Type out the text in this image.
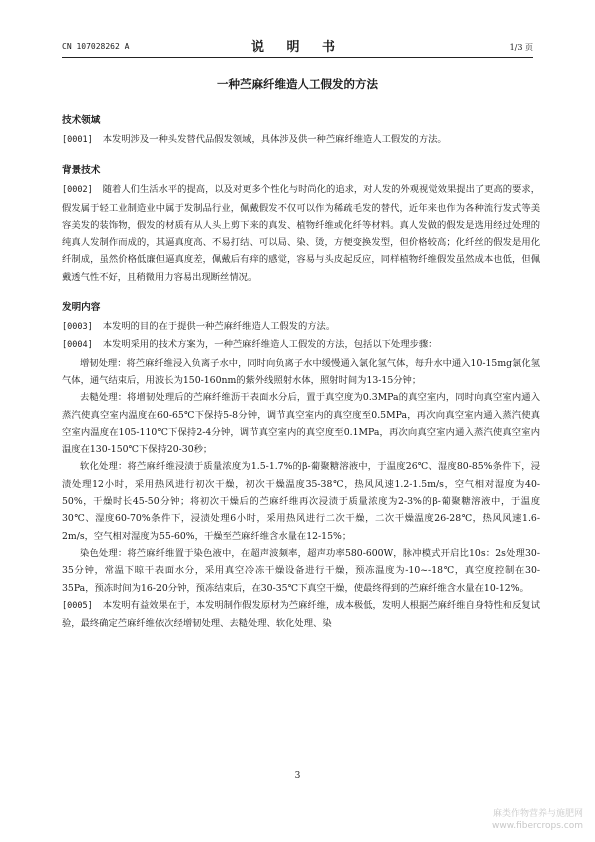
CN 107028262 A	说 明 书	1/3 页
一种苎麻纤维造人工假发的方法
技术领域

[0001] 本发明涉及一种头发替代品假发领域，具体涉及供一种苎麻纤维造人工假发的方法。

背景技术

[0002] 随着人们生活水平的提高，以及对更多个性化与时尚化的追求，对人发的外观视觉效果提出了更高的要求，假发属于轻工业制造业中属于发制品行业，佩戴假发不仅可以作为稀疏毛发的替代，近年来也作为各种流行发式等美容美发的装饰物，假发的材质有从人头上剪下来的真发、植物纤维或化纤等材料。真人发做的假发是选用经过处理的纯真人发制作而成的，其逼真度高、不易打结、可以局、染、烫，方便变换发型，但价格较高；化纤丝的假发是用化纤制成，虽然价格低廉但逼真度差，佩戴后有痒的感觉，容易与头皮起反应，同样植物纤维假发虽然成本也低，但佩戴透气性不好，且稍微用力容易出现断丝情况。

发明内容

[0003] 本发明的目的在于提供一种苎麻纤维造人工假发的方法。

[0004] 本发明采用的技术方案为，一种苎麻纤维造人工假发的方法，包括以下处理步骤：

增韧处理：将苎麻纤维浸入负离子水中，同时向负离子水中缓慢通入氯化氢气体，每升水中通入10-15mg氯化氢气体，通气结束后，用波长为150-160nm的紫外线照射水体，照射时间为13-15分钟；

去糙处理：将增韧处理后的苎麻纤维沥干表面水分后，置于真空度为0.3MPa的真空室内，同时向真空室内通入蒸汽使真空室内温度在60-65℃下保持5-8分钟，调节真空室内的真空度至0.5MPa，再次向真空室内通入蒸汽使真空室内温度在105-110℃下保持2-4分钟，调节真空室内的真空度至0.1MPa，再次向真空室内通入蒸汽使真空室内温度在130-150℃下保持20-30秒；

软化处理：将苎麻纤维浸渍于质量浓度为1.5-1.7%的β-葡聚糖溶液中，于温度26℃、湿度80-85%条件下，浸渍处理12小时，采用热风进行初次干燥，初次干燥温度35-38℃，热风风速1.2-1.5m/s，空气相对湿度为40-50%，干燥时长45-50分钟；将初次干燥后的苎麻纤维再次浸渍于质量浓度为2-3%的β-葡聚糖溶液中，于温度30℃、湿度60-70%条件下，浸渍处理6小时，采用热风进行二次干燥，二次干燥温度26-28℃，热风风速1.6-2m/s，空气相对湿度为55-60%，干燥至苎麻纤维含水量在12-15%；

染色处理：将苎麻纤维置于染色液中，在超声波频率，超声功率580-600W，脉冲模式开启比10s：2s处理30-35分钟，常温下晾干表面水分，采用真空冷冻干燥设备进行干燥，预冻温度为-10~-18℃，真空度控制在30-35Pa，预冻时间为16-20分钟，预冻结束后，在30-35℃下真空干燥，使最终得到的苎麻纤维含水量在10-12%。

[0005] 本发明有益效果在于，本发明制作假发原材为苎麻纤维，成本极低，发明人根据苎麻纤维自身特性和反复试验，最终确定苎麻纤维依次经增韧处理、去糙处理、软化处理、染

3
麻类作物营养与施肥网
www.fibercrops.com
